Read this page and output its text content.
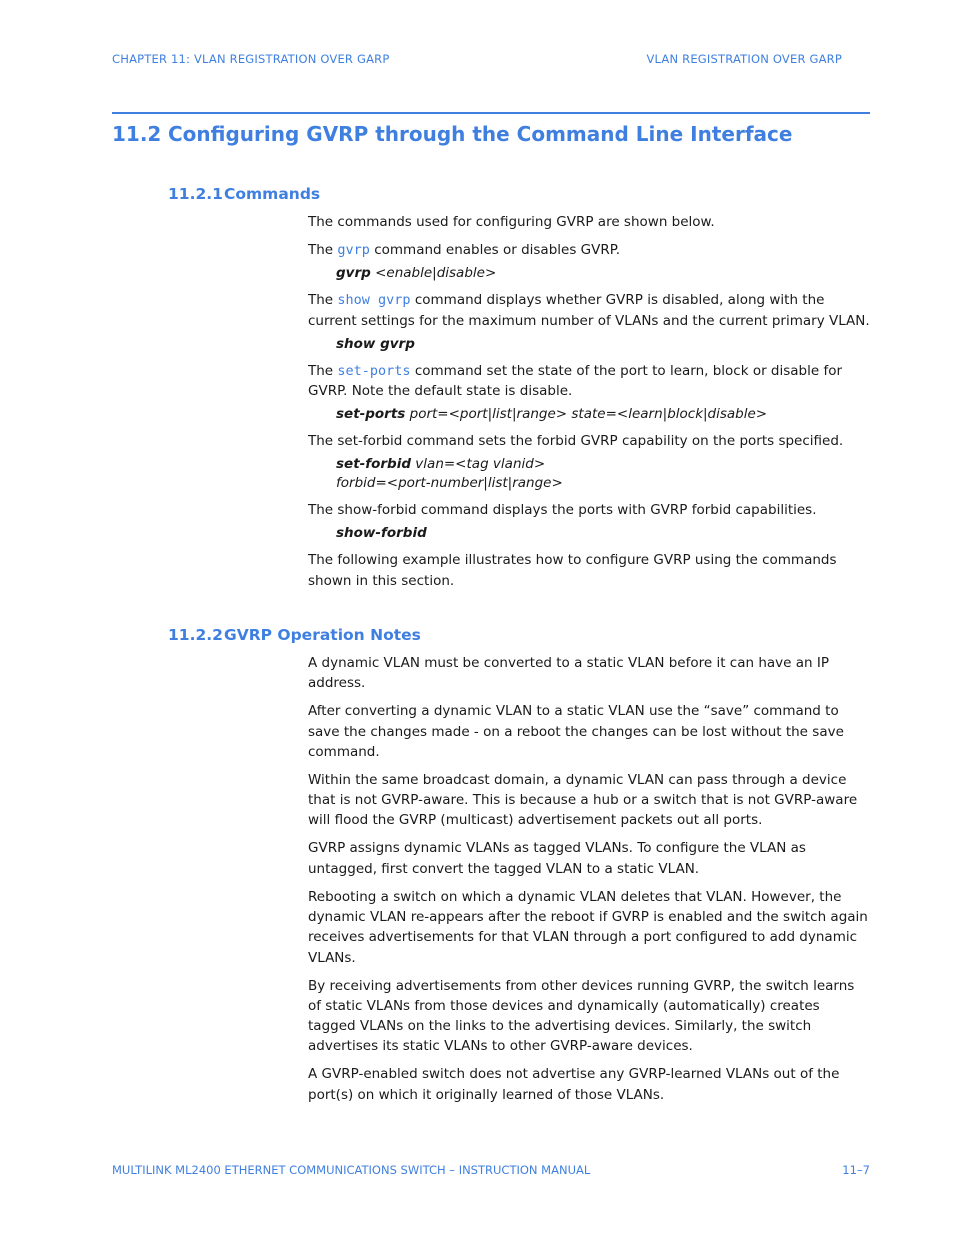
CHAPTER 11: VLAN REGISTRATION OVER GARP	VLAN REGISTRATION OVER GARP
11.2 Configuring GVRP through the Command Line Interface
11.2.1Commands

The commands used for configuring GVRP are shown below.

The gvrp command enables or disables GVRP.

gvrp <enable|disable>

The show gvrp command displays whether GVRP is disabled, along with the current settings for the maximum number of VLANs and the current primary VLAN.

show gvrp

The set-ports command set the state of the port to learn, block or disable for GVRP. Note the default state is disable.

set-ports port=<port|list|range> state=<learn|block|disable>

The set-forbid command sets the forbid GVRP capability on the ports specified.

set-forbid vlan=<tag vlanid>
forbid=<port-number|list|range>

The show-forbid command displays the ports with GVRP forbid capabilities.

show-forbid

The following example illustrates how to configure GVRP using the commands shown in this section.

11.2.2GVRP Operation Notes

A dynamic VLAN must be converted to a static VLAN before it can have an IP address.

After converting a dynamic VLAN to a static VLAN use the “save” command to save the changes made - on a reboot the changes can be lost without the save command.

Within the same broadcast domain, a dynamic VLAN can pass through a device that is not GVRP-aware. This is because a hub or a switch that is not GVRP-aware will flood the GVRP (multicast) advertisement packets out all ports.

GVRP assigns dynamic VLANs as tagged VLANs. To configure the VLAN as untagged, first convert the tagged VLAN to a static VLAN.

Rebooting a switch on which a dynamic VLAN deletes that VLAN. However, the dynamic VLAN re-appears after the reboot if GVRP is enabled and the switch again receives advertisements for that VLAN through a port configured to add dynamic VLANs.

By receiving advertisements from other devices running GVRP, the switch learns of static VLANs from those devices and dynamically (automatically) creates tagged VLANs on the links to the advertising devices. Similarly, the switch advertises its static VLANs to other GVRP-aware devices.

A GVRP-enabled switch does not advertise any GVRP-learned VLANs out of the port(s) on which it originally learned of those VLANs.

MULTILINK ML2400 ETHERNET COMMUNICATIONS SWITCH – INSTRUCTION MANUAL	11–7
